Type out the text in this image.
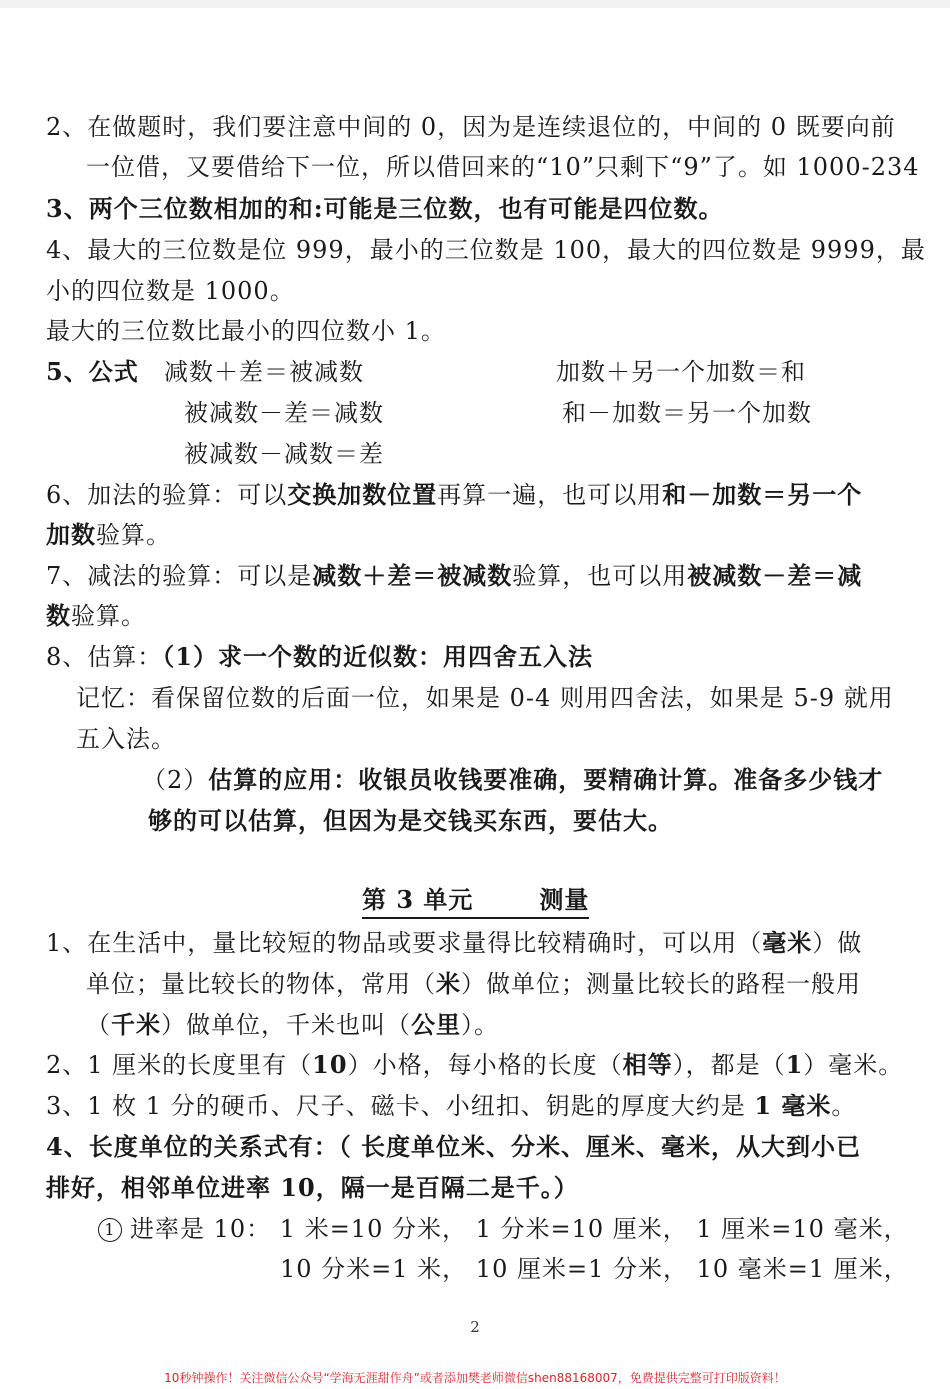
2、在做题时，我们要注意中间的 0，因为是连续退位的，中间的 0 既要向前
一位借，又要借给下一位，所以借回来的“10”只剩下“9”了。如 1000-234
3、两个三位数相加的和:可能是三位数，也有可能是四位数。
4、最大的三位数是位 999，最小的三位数是 100，最大的四位数是 9999，最
小的四位数是 1000。
最大的三位数比最小的四位数小 1。
5、公式 减数＋差＝被减数	加数＋另一个加数＝和
被减数－差＝减数	和－加数＝另一个加数
被减数－减数＝差
6、加法的验算：可以交换加数位置再算一遍，也可以用和－加数＝另一个
加数验算。
7、减法的验算：可以是减数＋差＝被减数验算，也可以用被减数－差＝减
数验算。
8、估算：（1）求一个数的近似数：用四舍五入法
记忆：看保留位数的后面一位，如果是 0-4 则用四舍法，如果是 5-9 就用
五入法。
（2）估算的应用：收银员收钱要准确，要精确计算。准备多少钱才
够的可以估算，但因为是交钱买东西，要估大。
第 3 单元	测量
1、在生活中，量比较短的物品或要求量得比较精确时，可以用（毫米）做
单位；量比较长的物体，常用（米）做单位；测量比较长的路程一般用
（千米）做单位，千米也叫（公里）。
2、1 厘米的长度里有（10）小格，每小格的长度（相等），都是（1）毫米。
3、1 枚 1 分的硬币、尺子、磁卡、小纽扣、钥匙的厚度大约是 1 毫米。
4、长度单位的关系式有：（ 长度单位米、分米、厘米、毫米，从大到小已
排好，相邻单位进率 10，隔一是百隔二是千。）
1 进率是 10： 1 米=10 分米， 1 分米=10 厘米， 1 厘米=10 毫米，
10 分米=1 米， 10 厘米=1 分米， 10 毫米=1 厘米，
2
10秒钟操作！关注微信公众号“学海无涯甜作舟”或者添加樊老师微信shen88168007，免费提供完整可打印版资料！
